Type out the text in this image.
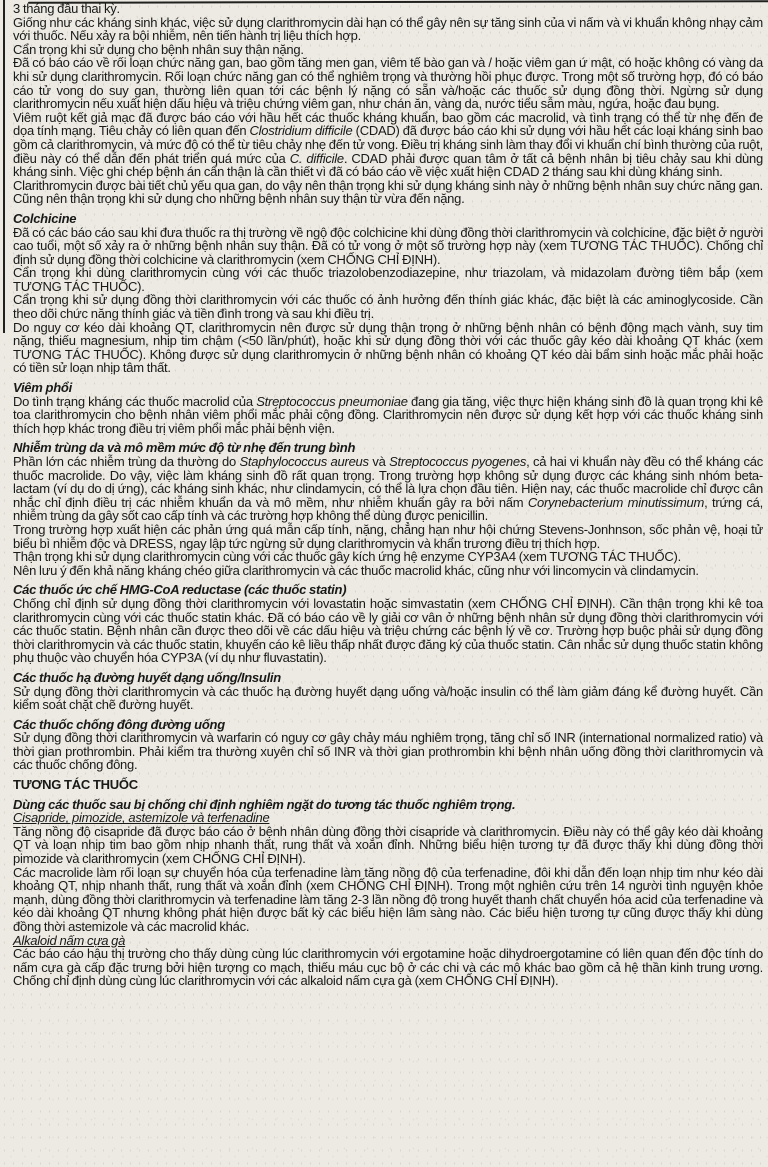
3 tháng đầu thai kỳ.

Giống như các kháng sinh khác, việc sử dụng clarithromycin dài hạn có thể gây nên sự tăng sinh của vi nấm và vi khuẩn không nhạy cảm với thuốc. Nếu xảy ra bội nhiễm, nên tiến hành trị liệu thích hợp.

Cẩn trọng khi sử dụng cho bệnh nhân suy thận nặng.

Đã có báo cáo về rối loạn chức năng gan, bao gồm tăng men gan, viêm tế bào gan và / hoặc viêm gan ứ mật, có hoặc không có vàng da khi sử dụng clarithromycin. Rối loạn chức năng gan có thể nghiêm trọng và thường hồi phục được. Trong một số trường hợp, đó có báo cáo tử vong do suy gan, thường liên quan tới các bệnh lý nặng có sẵn và/hoặc các thuốc sử dụng đồng thời. Ngừng sử dụng clarithromycin nếu xuất hiện dấu hiệu và triệu chứng viêm gan, như chán ăn, vàng da, nước tiểu sẫm màu, ngứa, hoặc đau bụng.

Viêm ruột kết giả mạc đã được báo cáo với hầu hết các thuốc kháng khuẩn, bao gồm các macrolid, và tình trạng có thể từ nhẹ đến đe dọa tính mạng. Tiêu chảy có liên quan đến Clostridium difficile (CDAD) đã được báo cáo khi sử dụng với hầu hết các loại kháng sinh bao gồm cả clarithromycin, và mức độ có thể từ tiêu chảy nhẹ đến tử vong. Điều trị kháng sinh làm thay đổi vi khuẩn chí bình thường của ruột, điều này có thể dẫn đến phát triển quá mức của C. difficile. CDAD phải được quan tâm ở tất cả bệnh nhân bị tiêu chảy sau khi dùng kháng sinh. Việc ghi chép bệnh án cẩn thận là cần thiết vì đã có báo cáo về việc xuất hiện CDAD 2 tháng sau khi dùng kháng sinh.

Clarithromycin được bài tiết chủ yếu qua gan, do vậy nên thận trọng khi sử dụng kháng sinh này ở những bệnh nhân suy chức năng gan. Cũng nên thận trọng khi sử dụng cho những bệnh nhân suy thận từ vừa đến nặng.

Colchicine

Đã có các báo cáo sau khi đưa thuốc ra thị trường về ngộ độc colchicine khi dùng đồng thời clarithromycin và colchicine, đặc biệt ở người cao tuổi, một số xảy ra ở những bệnh nhân suy thận. Đã có tử vong ở một số trường hợp này (xem TƯƠNG TÁC THUỐC). Chống chỉ định sử dụng đồng thời colchicine và clarithromycin (xem CHỐNG CHỈ ĐỊNH).

Cẩn trọng khi dùng clarithromycin cùng với các thuốc triazolobenzodiazepine, như triazolam, và midazolam đường tiêm bắp (xem TƯƠNG TÁC THUỐC).

Cẩn trọng khi sử dụng đồng thời clarithromycin với các thuốc có ảnh hưởng đến thính giác khác, đặc biệt là các aminoglycoside. Cần theo dõi chức năng thính giác và tiền đình trong và sau khi điều trị.

Do nguy cơ kéo dài khoảng QT, clarithromycin nên được sử dụng thận trọng ở những bệnh nhân có bệnh động mạch vành, suy tim nặng, thiếu magnesium, nhịp tim chậm (<50 lần/phút), hoặc khi sử dụng đồng thời với các thuốc gây kéo dài khoảng QT khác (xem TƯƠNG TÁC THUỐC). Không được sử dụng clarithromycin ở những bệnh nhân có khoảng QT kéo dài bẩm sinh hoặc mắc phải hoặc có tiền sử loạn nhịp tâm thất.

Viêm phổi

Do tình trạng kháng các thuốc macrolid của Streptococcus pneumoniae đang gia tăng, việc thực hiện kháng sinh đồ là quan trọng khi kê toa clarithromycin cho bệnh nhân viêm phổi mắc phải cộng đồng. Clarithromycin nên được sử dụng kết hợp với các thuốc kháng sinh thích hợp khác trong điều trị viêm phổi mắc phải bệnh viện.

Nhiễm trùng da và mô mềm mức độ từ nhẹ đến trung bình

Phần lớn các nhiễm trùng da thường do Staphylococcus aureus và Streptococcus pyogenes, cả hai vi khuẩn này đều có thể kháng các thuốc macrolide. Do vậy, việc làm kháng sinh đồ rất quan trọng. Trong trường hợp không sử dụng được các kháng sinh nhóm beta-lactam (ví dụ do dị ứng), các kháng sinh khác, như clindamycin, có thể là lựa chọn đầu tiên. Hiện nay, các thuốc macrolide chỉ được cân nhắc chỉ định điều trị các nhiễm khuẩn da và mô mềm, như nhiễm khuẩn gây ra bởi nấm Corynebacterium minutissimum, trứng cá, nhiễm trùng da gây sốt cao cấp tính và các trường hợp không thể dùng được penicillin.

Trong trường hợp xuất hiện các phản ứng quá mẫn cấp tính, nặng, chẳng hạn như hội chứng Stevens-Jonhnson, sốc phản vệ, hoại tử biểu bì nhiễm độc và DRESS, ngay lập tức ngừng sử dụng clarithromycin và khẩn trương điều trị thích hợp.

Thận trọng khi sử dụng clarithromycin cùng với các thuốc gây kích ứng hệ enzyme CYP3A4 (xem TƯƠNG TÁC THUỐC).

Nên lưu ý đến khả năng kháng chéo giữa clarithromycin và các thuốc macrolid khác, cũng như với lincomycin và clindamycin.

Các thuốc ức chế HMG-CoA reductase (các thuốc statin)

Chống chỉ định sử dụng đồng thời clarithromycin với lovastatin hoặc simvastatin (xem CHỐNG CHỈ ĐỊNH). Cần thận trọng khi kê toa clarithromycin cùng với các thuốc statin khác. Đã có báo cáo về ly giải cơ vân ở những bệnh nhân sử dụng đồng thời clarithromycin với các thuốc statin. Bệnh nhân cần được theo dõi về các dấu hiệu và triệu chứng các bệnh lý về cơ. Trường hợp buộc phải sử dụng đồng thời clarithromycin và các thuốc statin, khuyến cáo kê liều thấp nhất được đăng ký của thuốc statin. Cân nhắc sử dụng thuốc statin không phụ thuộc vào chuyển hóa CYP3A (ví dụ như fluvastatin).

Các thuốc hạ đường huyết dạng uống/Insulin

Sử dụng đồng thời clarithromycin và các thuốc hạ đường huyết dạng uống và/hoặc insulin có thể làm giảm đáng kể đường huyết. Cần kiểm soát chặt chẽ đường huyết.

Các thuốc chống đông đường uống

Sử dụng đồng thời clarithromycin và warfarin có nguy cơ gây chảy máu nghiêm trọng, tăng chỉ số INR (international normalized ratio) và thời gian prothrombin. Phải kiểm tra thường xuyên chỉ số INR và thời gian prothrombin khi bệnh nhân uống đồng thời clarithromycin và các thuốc chống đông.

TƯƠNG TÁC THUỐC
Dùng các thuốc sau bị chống chỉ định nghiêm ngặt do tương tác thuốc nghiêm trọng.
Cisapride, pimozide, astemizole và terfenadine

Tăng nồng độ cisapride đã được báo cáo ở bệnh nhân dùng đồng thời cisapride và clarithromycin. Điều này có thể gây kéo dài khoảng QT và loạn nhịp tim bao gồm nhịp nhanh thất, rung thất và xoắn đỉnh. Những biểu hiện tương tự đã được thấy khi dùng đồng thời pimozide và clarithromycin (xem CHỐNG CHỈ ĐỊNH).

Các macrolide làm rối loạn sự chuyển hóa của terfenadine làm tăng nồng độ của terfenadine, đôi khi dẫn đến loạn nhịp tim như kéo dài khoảng QT, nhịp nhanh thất, rung thất và xoắn đỉnh (xem CHỐNG CHỈ ĐỊNH). Trong một nghiên cứu trên 14 người tình nguyện khỏe mạnh, dùng đồng thời clarithromycin và terfenadine làm tăng 2-3 lần nồng độ trong huyết thanh chất chuyển hóa acid của terfenadine và kéo dài khoảng QT nhưng không phát hiện được bất kỳ các biểu hiện lâm sàng nào. Các biểu hiện tương tự cũng được thấy khi dùng đồng thời astemizole và các macrolid khác.

Alkaloid nấm cựa gà

Các báo cáo hậu thị trường cho thấy dùng cùng lúc clarithromycin với ergotamine hoặc dihydroergotamine có liên quan đến độc tính do nấm cựa gà cấp đặc trưng bởi hiện tượng co mạch, thiếu máu cục bộ ở các chi và các mô khác bao gồm cả hệ thần kinh trung ương. Chống chỉ định dùng cùng lúc clarithromycin với các alkaloid nấm cựa gà (xem CHỐNG CHỈ ĐỊNH).
